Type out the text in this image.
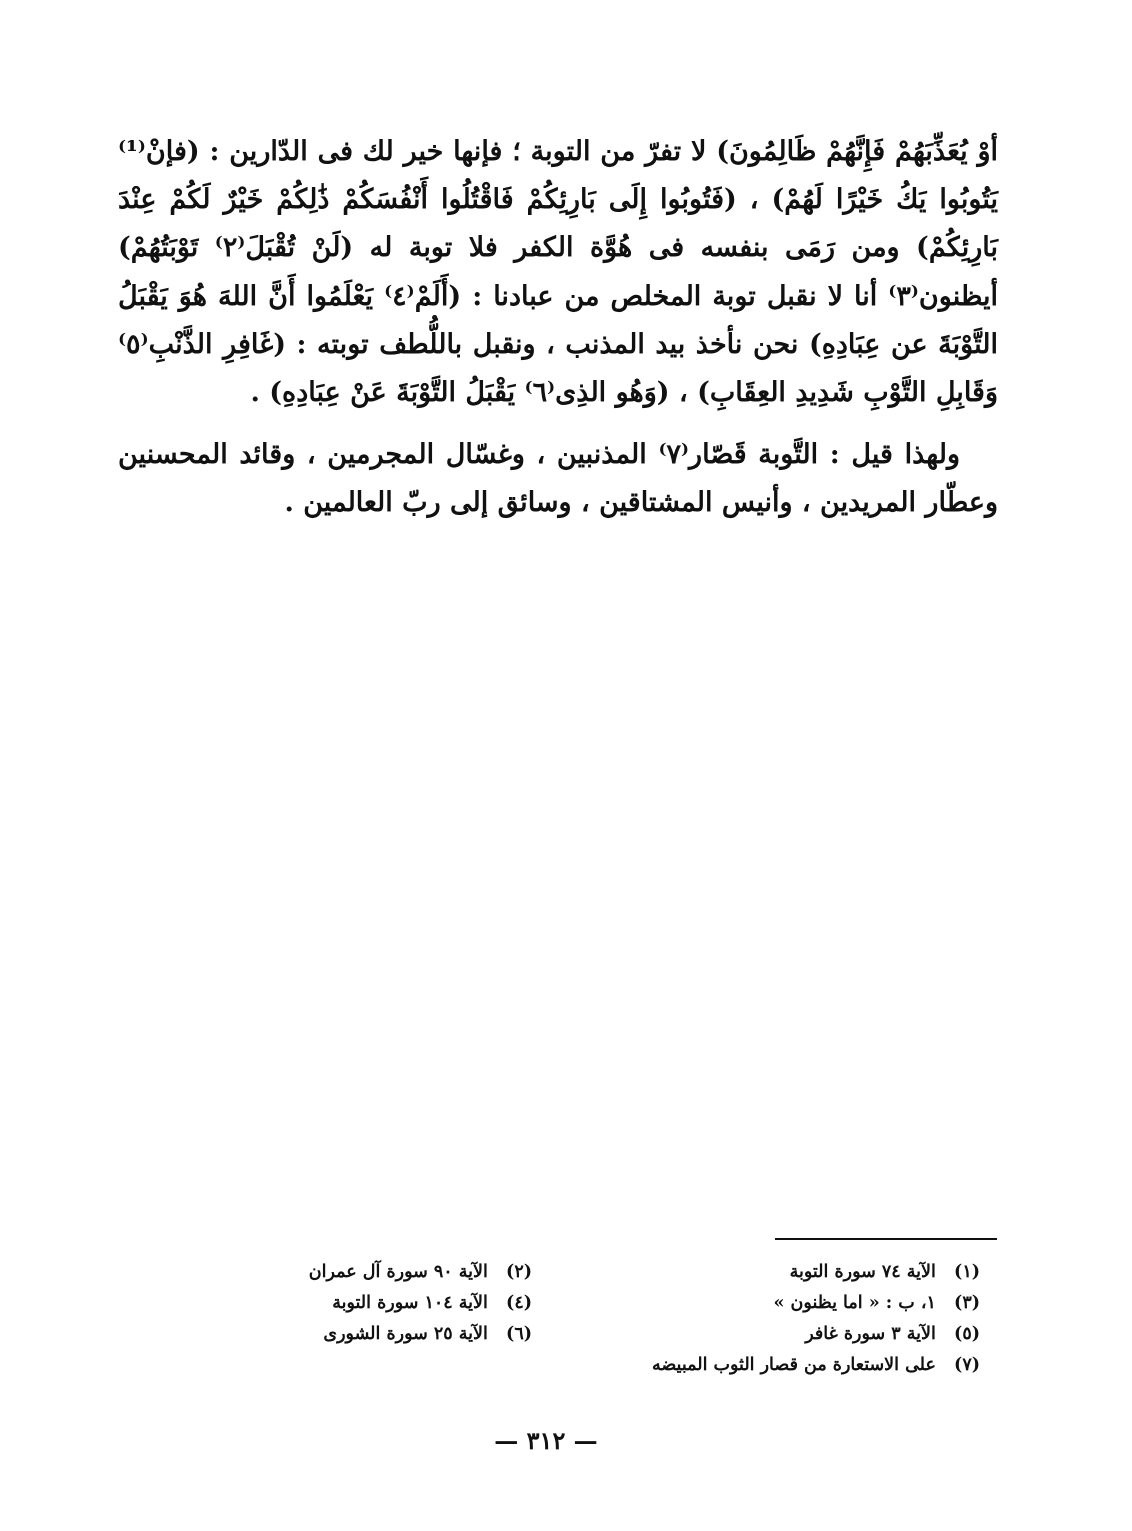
أوْ يُعَذِّبَهُمْ فَإِنَّهُمْ ظَالِمُونَ) لا تفرّ من التوبة ؛ فإنها خير لك فى الدّارين : (فإنْ⁽¹⁾ يَتُوبُوا يَكُ خَيْرًا لَهُمْ) ، (فَتُوبُوا إِلَى بَارِئِكُمْ فَاقْتُلُوا أَنْفُسَكُمْ ذَٰلِكُمْ خَيْرٌ لَكُمْ عِنْدَ بَارِئِكُمْ) ومن رَمَى بنفسه فى هُوَّة الكفر فلا توبة له (لَنْ تُقْبَلَ⁽٢⁾ تَوْبَتُهُمْ) أيظنون⁽٣⁾ أنا لا نقبل توبة المخلص من عبادنا : (أَلَمْ⁽٤⁾ يَعْلَمُوا أَنَّ اللهَ هُوَ يَقْبَلُ التَّوْبَةَ عن عِبَادِهِ) نحن نأخذ بيد المذنب ، ونقبل باللُّطف توبته : (غَافِرِ الذَّنْبِ⁽٥⁾ وَقَابِلِ التَّوْبِ شَدِيدِ العِقَابِ) ، (وَهُو الذِى⁽٦⁾ يَقْبَلُ التَّوْبَةَ عَنْ عِبَادِهِ) .

ولهذا قيل : التَّوبة قَصّار⁽٧⁾ المذنبين ، وغسّال المجرمين ، وقائد المحسنين وعطّار المريدين ، وأنيس المشتاقين ، وسائق إلى ربّ العالمين .

(١) الآية ٧٤ سورة التوبة
(٢) الآية ٩٠ سورة آل عمران
(٣) ١، ب : « اما يظنون »
(٤) الآية ١٠٤ سورة التوبة
(٥) الآية ٣ سورة غافر
(٦) الآية ٢٥ سورة الشورى
(٧) على الاستعارة من قصار الثوب المبيضه
— ٣١٢ —
